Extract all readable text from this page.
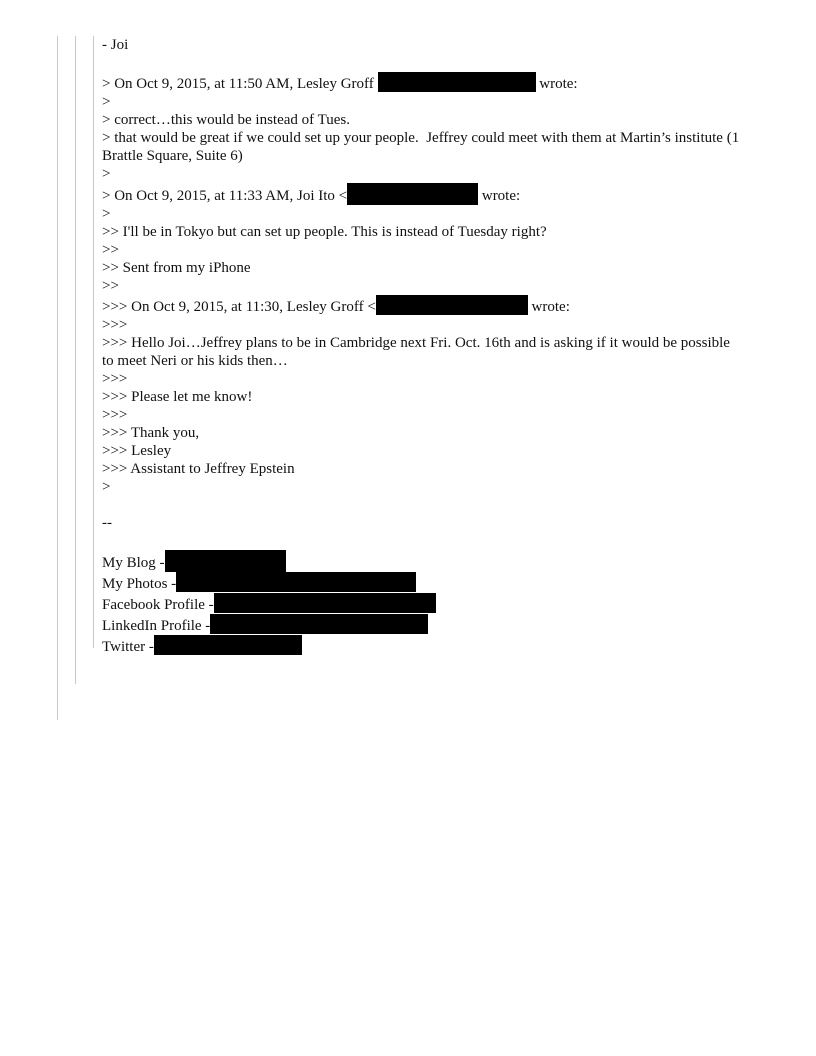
- Joi
> On Oct 9, 2015, at 11:50 AM, Lesley Groff	wrote:
>
> correct…this would be instead of Tues.
> that would be great if we could set up your people.  Jeffrey could meet with them at Martin’s institute (1 Brattle Square, Suite 6)
>
> On Oct 9, 2015, at 11:33 AM, Joi Ito <	wrote:
>
>> I'll be in Tokyo but can set up people. This is instead of Tuesday right?
>>
>> Sent from my iPhone
>>
>>> On Oct 9, 2015, at 11:30, Lesley Groff <	wrote:
>>>
>>> Hello Joi…Jeffrey plans to be in Cambridge next Fri. Oct. 16th and is asking if it would be possible to meet Neri or his kids then…
>>>
>>> Please let me know!
>>>
>>> Thank you,
>>> Lesley
>>> Assistant to Jeffrey Epstein
>
--
My Blog -
My Photos -
Facebook Profile -
LinkedIn Profile -
Twitter -
